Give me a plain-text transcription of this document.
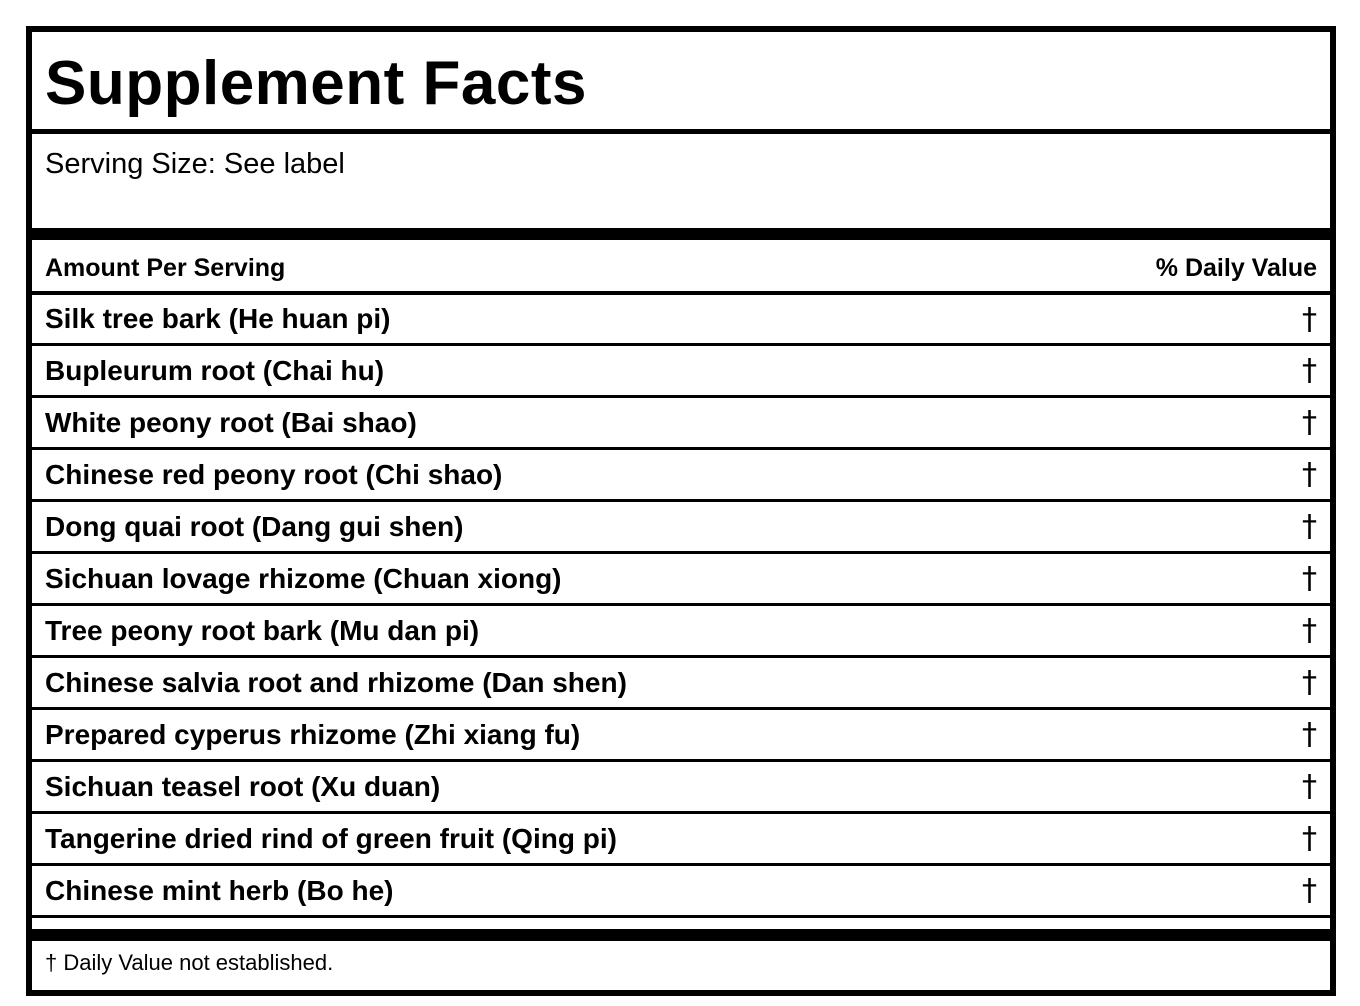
Supplement Facts
Serving Size: See label
Amount Per Serving	% Daily Value
Silk tree bark (He huan pi)	†
Bupleurum root (Chai hu)	†
White peony root (Bai shao)	†
Chinese red peony root (Chi shao)	†
Dong quai root (Dang gui shen)	†
Sichuan lovage rhizome (Chuan xiong)	†
Tree peony root bark (Mu dan pi)	†
Chinese salvia root and rhizome (Dan shen)	†
Prepared cyperus rhizome (Zhi xiang fu)	†
Sichuan teasel root (Xu duan)	†
Tangerine dried rind of green fruit (Qing pi)	†
Chinese mint herb (Bo he)	†
† Daily Value not established.
